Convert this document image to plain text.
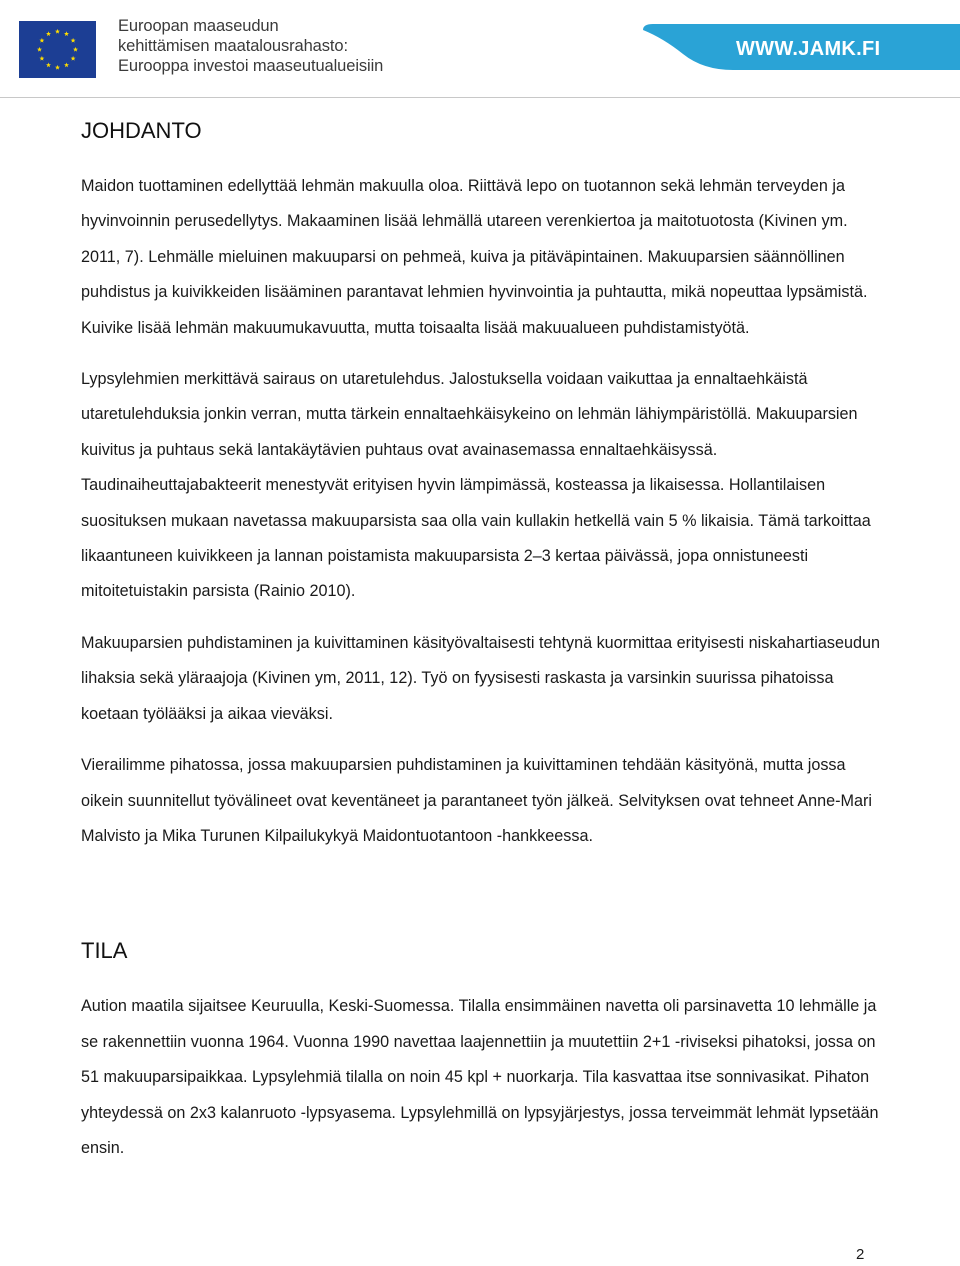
Euroopan maaseudun
kehittämisen maatalousrahasto:
Eurooppa investoi maaseutualueisiin
WWW.JAMK.FI
JOHDANTO

Maidon tuottaminen edellyttää lehmän makuulla oloa. Riittävä lepo on tuotannon sekä lehmän terveyden ja hyvinvoinnin perusedellytys. Makaaminen lisää lehmällä utareen verenkiertoa ja maitotuotosta (Kivinen ym. 2011, 7). Lehmälle mieluinen makuuparsi on pehmeä, kuiva ja pitäväpintainen. Makuuparsien säännöllinen puhdistus ja kuivikkeiden lisääminen parantavat lehmien hyvinvointia ja puhtautta, mikä nopeuttaa lypsämistä. Kuivike lisää lehmän makuumukavuutta, mutta toisaalta lisää makuualueen puhdistamistyötä.

Lypsylehmien merkittävä sairaus on utaretulehdus. Jalostuksella voidaan vaikuttaa ja ennaltaehkäistä utaretulehduksia jonkin verran, mutta tärkein ennaltaehkäisykeino on lehmän lähiympäristöllä. Makuuparsien kuivitus ja puhtaus sekä lantakäytävien puhtaus ovat avainasemassa ennaltaehkäisyssä. Taudinaiheuttajabakteerit menestyvät erityisen hyvin lämpimässä, kosteassa ja likaisessa. Hollantilaisen suosituksen mukaan navetassa makuuparsista saa olla vain kullakin hetkellä vain 5 % likaisia. Tämä tarkoittaa likaantuneen kuivikkeen ja lannan poistamista makuuparsista 2–3 kertaa päivässä, jopa onnistuneesti mitoitetuistakin parsista (Rainio 2010).

Makuuparsien puhdistaminen ja kuivittaminen käsityövaltaisesti tehtynä kuormittaa erityisesti niskahartiaseudun lihaksia sekä yläraajoja (Kivinen ym, 2011, 12). Työ on fyysisesti raskasta ja varsinkin suurissa pihatoissa koetaan työlääksi ja aikaa vieväksi.

Vierailimme pihatossa, jossa makuuparsien puhdistaminen ja kuivittaminen tehdään käsityönä, mutta jossa oikein suunnitellut työvälineet ovat keventäneet ja parantaneet työn jälkeä. Selvityksen ovat tehneet Anne-Mari Malvisto ja Mika Turunen Kilpailukykyä Maidontuotantoon -hankkeessa.

TILA

Aution maatila sijaitsee Keuruulla, Keski-Suomessa. Tilalla ensimmäinen navetta oli parsinavetta 10 lehmälle ja se rakennettiin vuonna 1964. Vuonna 1990 navettaa laajennettiin ja muutettiin 2+1 -riviseksi pihatoksi, jossa on 51 makuuparsipaikkaa. Lypsylehmiä tilalla on noin 45 kpl + nuorkarja. Tila kasvattaa itse sonnivasikat. Pihaton yhteydessä on 2x3 kalanruoto -lypsyasema. Lypsylehmillä on lypsyjärjestys, jossa terveimmät lehmät lypsetään ensin.

2
